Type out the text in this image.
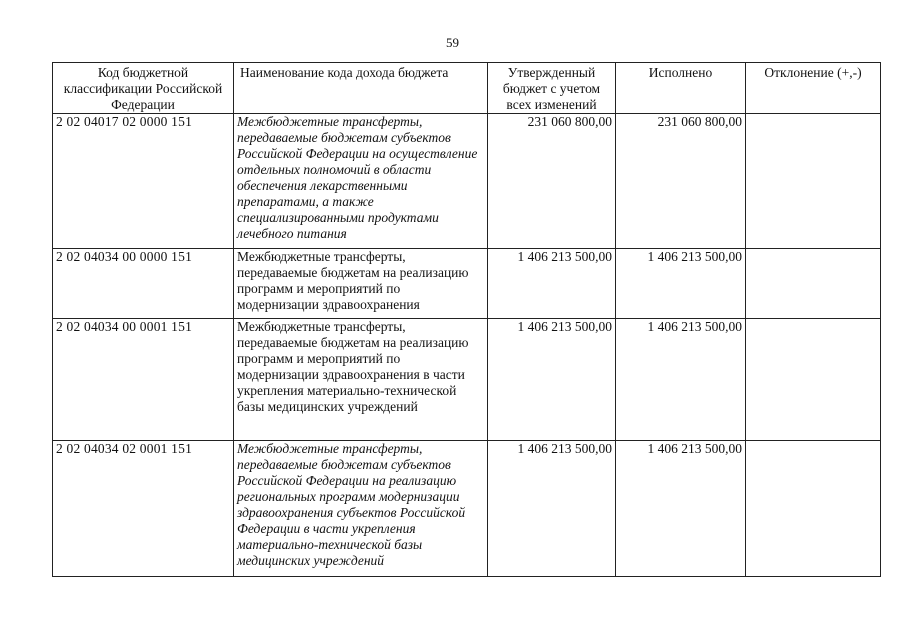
59
Код бюджетной классификации Российской Федерации	Наименование кода дохода бюджета	Утвержденный бюджет с учетом всех изменений	Исполнено	Отклонение (+,-)
2 02 04017 02 0000 151	Межбюджетные трансферты, передаваемые бюджетам субъектов Российской Федерации на осуществление отдельных полномочий в области обеспечения лекарственными препаратами, а также специализированными продуктами лечебного питания	231 060 800,00	231 060 800,00	
2 02 04034 00 0000 151	Межбюджетные трансферты, передаваемые бюджетам на реализацию программ и мероприятий по модернизации здравоохранения	1 406 213 500,00	1 406 213 500,00	
2 02 04034 00 0001 151	Межбюджетные трансферты, передаваемые бюджетам на реализацию программ и мероприятий по модернизации здравоохранения в части укрепления материально-технической базы медицинских учреждений	1 406 213 500,00	1 406 213 500,00	
2 02 04034 02 0001 151	Межбюджетные трансферты, передаваемые бюджетам субъектов Российской Федерации на реализацию региональных программ модернизации здравоохранения субъектов Российской Федерации в части укрепления материально-технической базы медицинских учреждений	1 406 213 500,00	1 406 213 500,00	
